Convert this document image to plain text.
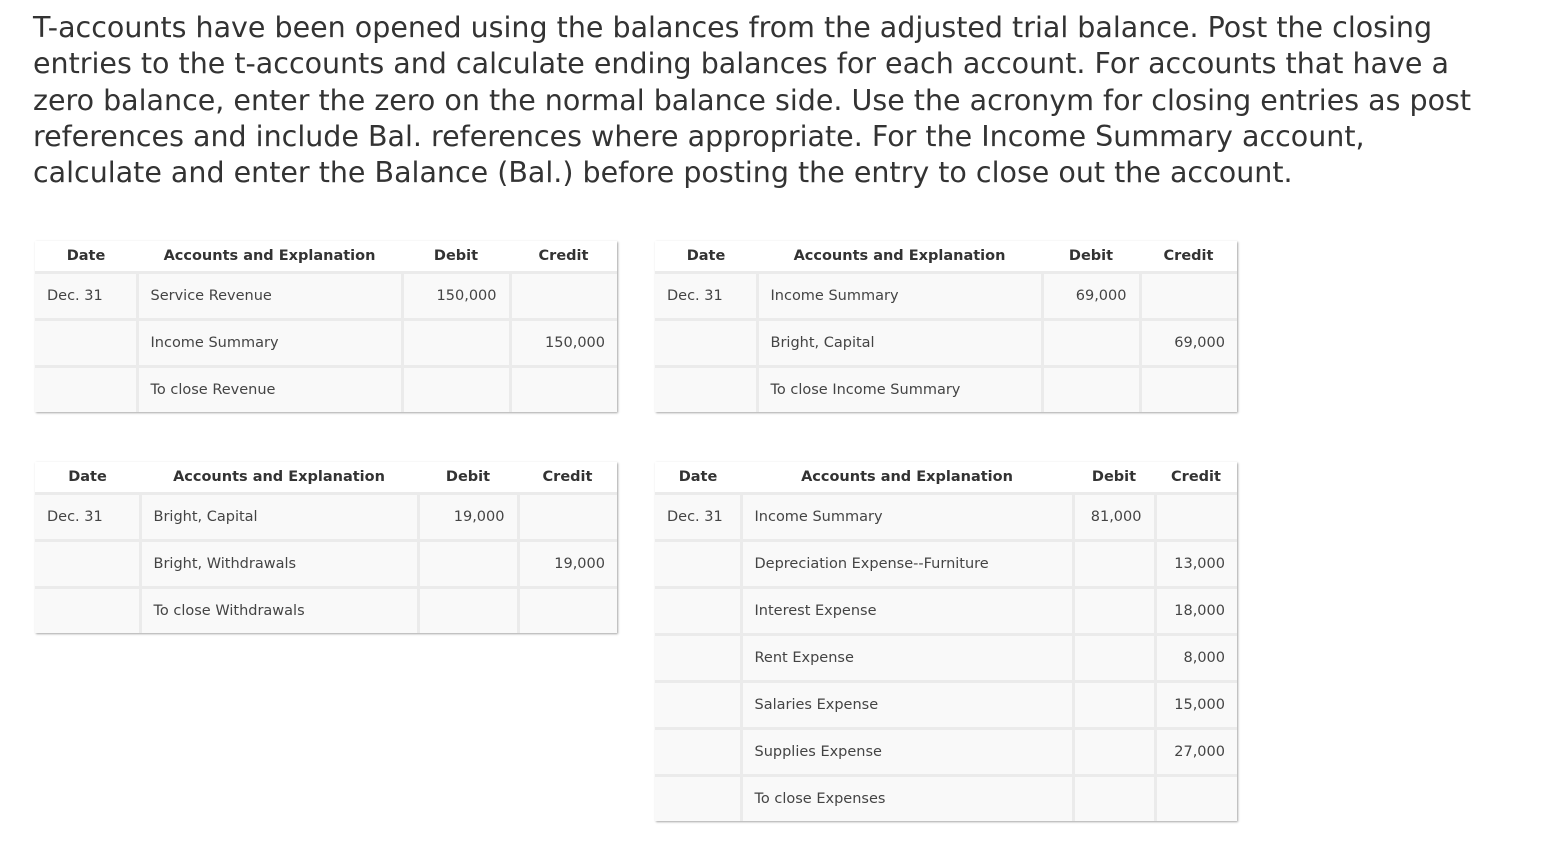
T-accounts have been opened using the balances from the adjusted trial balance. Post the closing entries to the t-accounts and calculate ending balances for each account. For accounts that have a zero balance, enter the zero on the normal balance side. Use the acronym for closing entries as post references and include Bal. references where appropriate. For the Income Summary account, calculate and enter the Balance (Bal.) before posting the entry to close out the account.

Date	Accounts and Explanation	Debit	Credit
Dec. 31	Service Revenue	150,000	
	Income Summary		150,000
	To close Revenue		
Date	Accounts and Explanation	Debit	Credit
Dec. 31	Income Summary	69,000	
	Bright, Capital		69,000
	To close Income Summary		
Date	Accounts and Explanation	Debit	Credit
Dec. 31	Bright, Capital	19,000	
	Bright, Withdrawals		19,000
	To close Withdrawals		
Date	Accounts and Explanation	Debit	Credit
Dec. 31	Income Summary	81,000	
	Depreciation Expense--Furniture		13,000
	Interest Expense		18,000
	Rent Expense		8,000
	Salaries Expense		15,000
	Supplies Expense		27,000
	To close Expenses		
